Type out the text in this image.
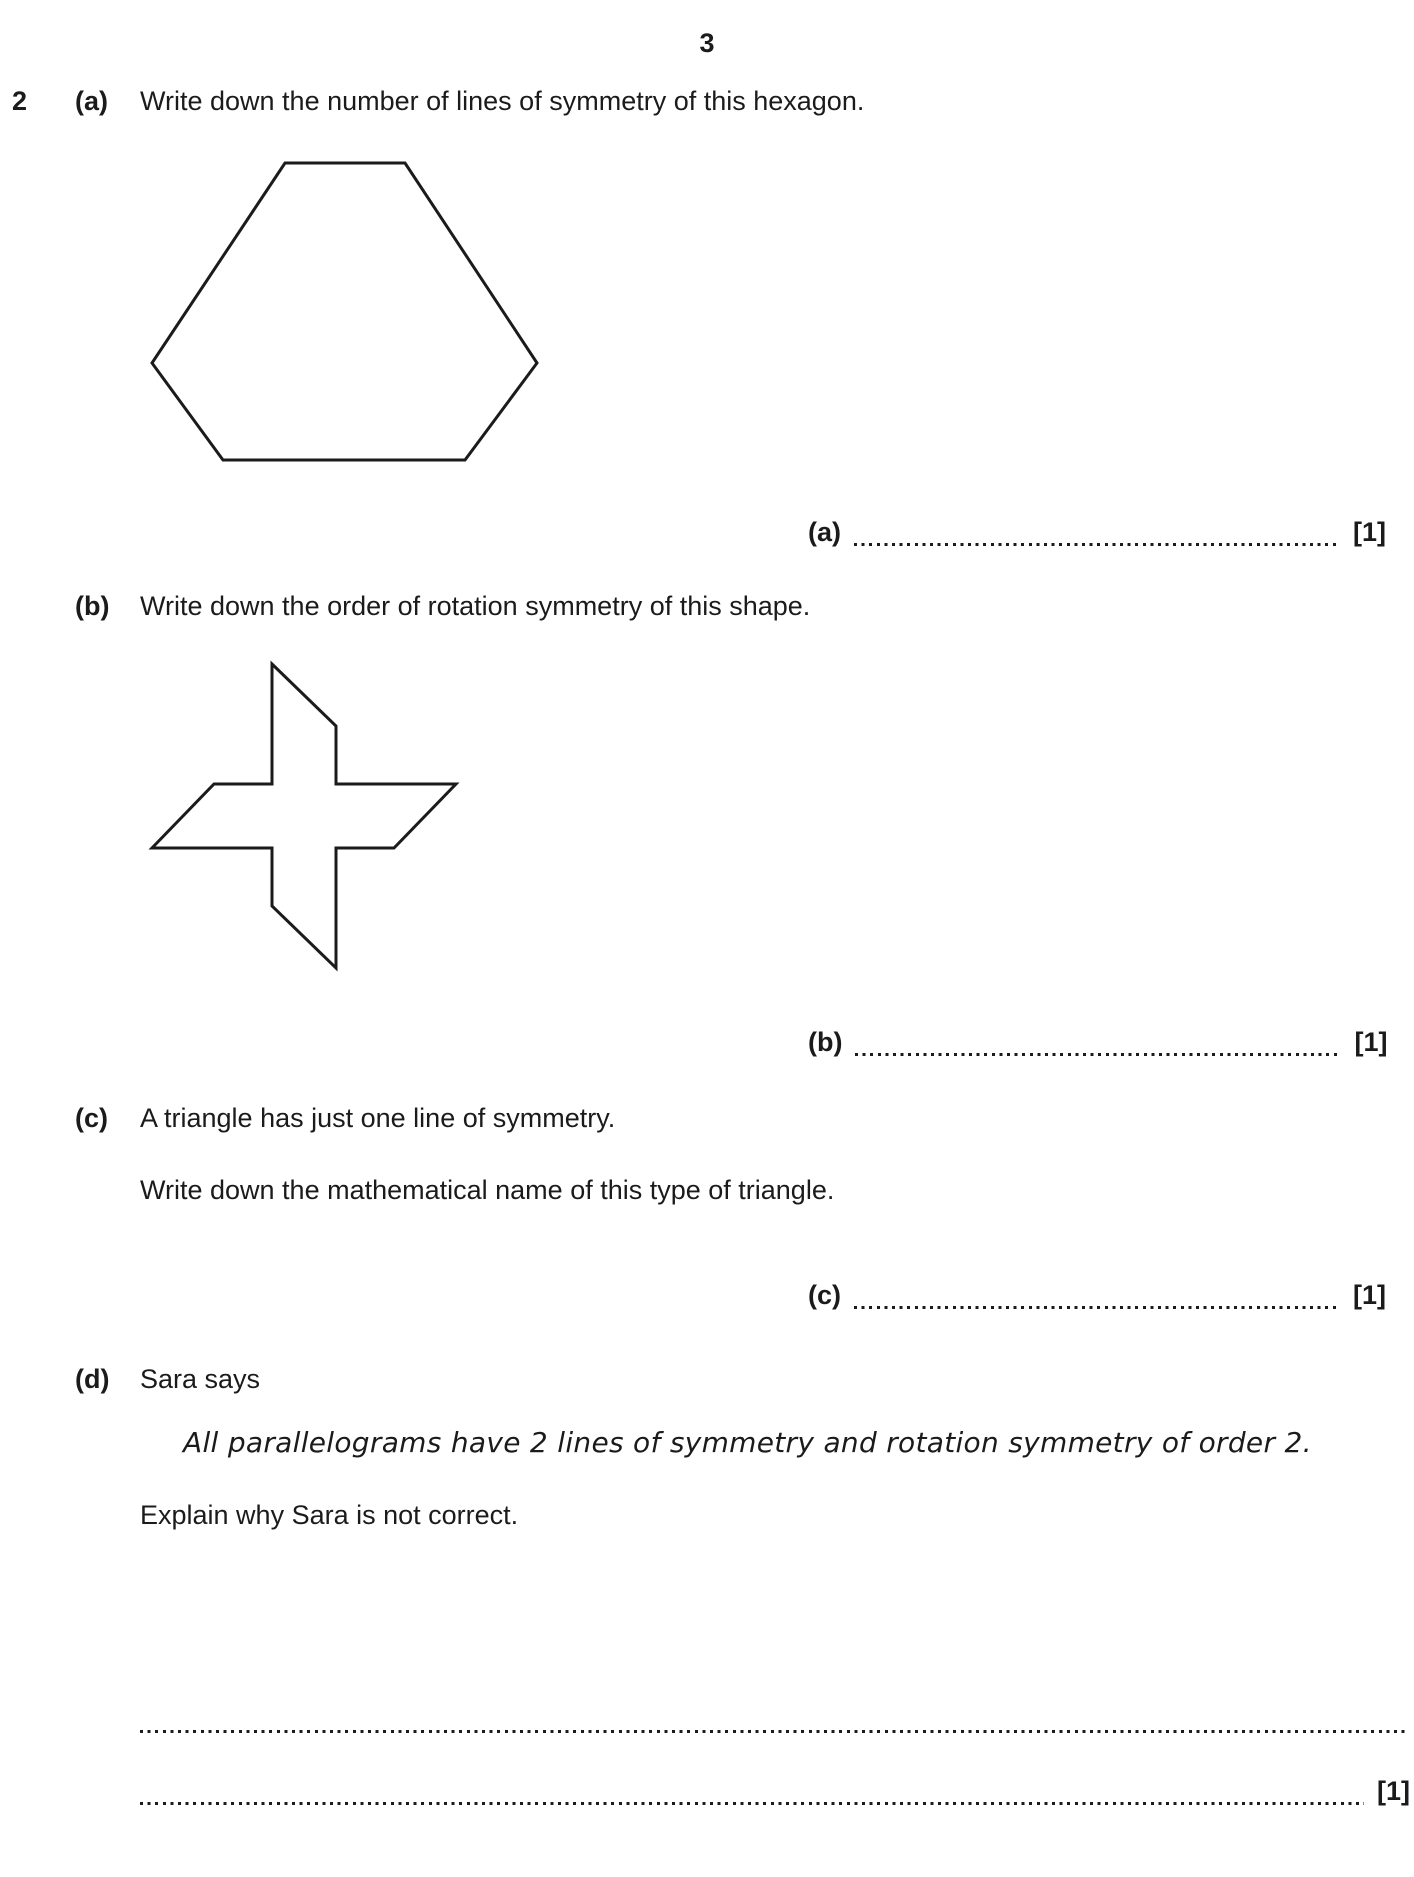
3
2 (a) Write down the number of lines of symmetry of this hexagon.
(a)	[1]
(b) Write down the order of rotation symmetry of this shape.
(b)	[1]
(c) A triangle has just one line of symmetry.
Write down the mathematical name of this type of triangle.
(c)	[1]
(d) Sara says
All parallelograms have 2 lines of symmetry and rotation symmetry of order 2.
Explain why Sara is not correct.
[1]
